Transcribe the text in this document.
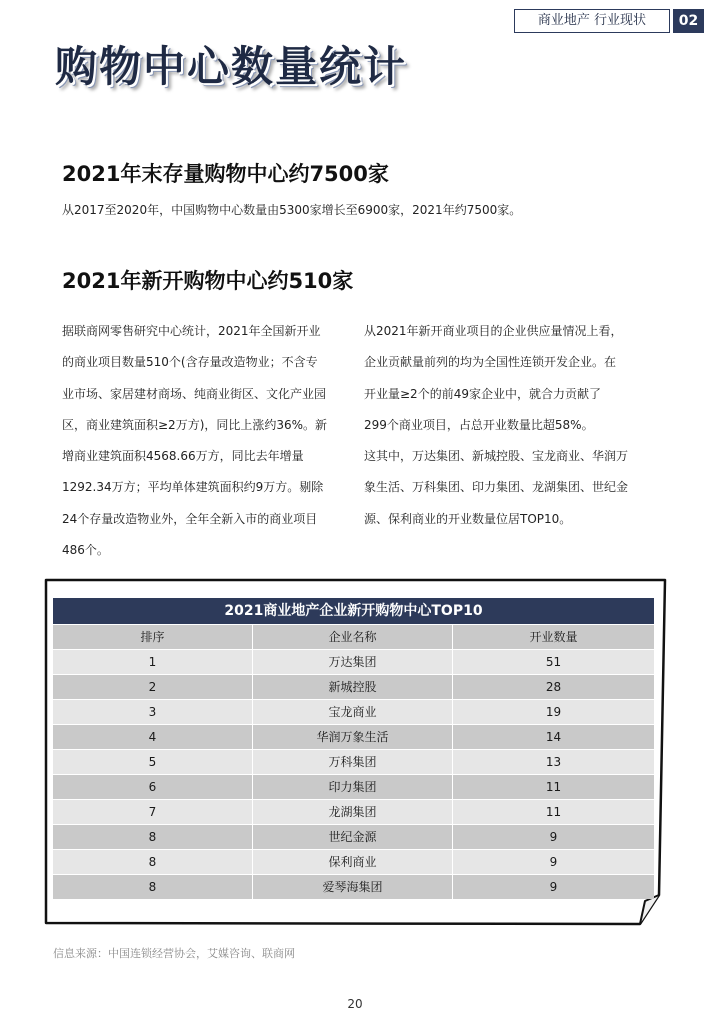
商业地产 行业现状	02
购物中心数量统计
2021年末存量购物中心约7500家
从2017至2020年，中国购物中心数量由5300家增长至6900家，2021年约7500家。
2021年新开购物中心约510家

据联商网零售研究中心统计，2021年全国新开业

的商业项目数量510个(含存量改造物业；不含专

业市场、家居建材商场、纯商业街区、文化产业园

区，商业建筑面积≥2万方)，同比上涨约36%。新

增商业建筑面积4568.66万方，同比去年增量

1292.34万方；平均单体建筑面积约9万方。剔除

24个存量改造物业外，全年全新入市的商业项目

486个。

从2021年新开商业项目的企业供应量情况上看，

企业贡献量前列的均为全国性连锁开发企业。在

开业量≥2个的前49家企业中，就合力贡献了

299个商业项目，占总开业数量比超58%。

这其中，万达集团、新城控股、宝龙商业、华润万

象生活、万科集团、印力集团、龙湖集团、世纪金

源、保利商业的开业数量位居TOP10。

2021商业地产企业新开购物中心TOP10
排序	企业名称	开业数量
1	万达集团	51
2	新城控股	28
3	宝龙商业	19
4	华润万象生活	14
5	万科集团	13
6	印力集团	11
7	龙湖集团	11
8	世纪金源	9
8	保利商业	9
8	爱琴海集团	9
信息来源：中国连锁经营协会，艾媒咨询、联商网
20
